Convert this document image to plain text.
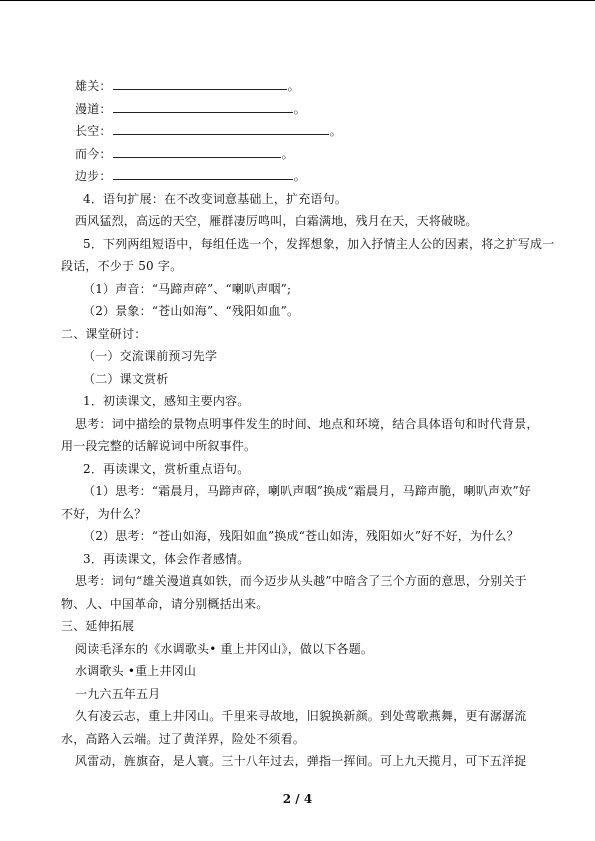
雄关：	。
漫道：	。
长空：	。
而今：	。
边步：	。
4．语句扩展：在不改变词意基础上，扩充语句。
西风猛烈，高远的天空，雁群凄厉鸣叫，白霜满地，残月在天，天将破晓。
5．下列两组短语中，每组任选一个，发挥想象，加入抒情主人公的因素，将之扩写成一
段话，不少于 50 字。
（1）声音：“马蹄声碎”、“喇叭声咽”;
（2）景象：“苍山如海”、“残阳如血”。
二、课堂研讨：
（一）交流课前预习先学
（二）课文赏析
1．初读课文，感知主要内容。
思考：词中描绘的景物点明事件发生的时间、地点和环境，结合具体语句和时代背景，
用一段完整的话解说词中所叙事件。
2．再读课文，赏析重点语句。
（1）思考：“霜晨月，马蹄声碎，喇叭声咽”换成“霜晨月，马蹄声脆，喇叭声欢”好
不好，为什么？
（2）思考：“苍山如海，残阳如血”换成“苍山如涛，残阳如火”好不好，为什么？
3．再读课文，体会作者感情。
思考：词句“雄关漫道真如铁，而今迈步从头越”中暗含了三个方面的意思，分别关于
物、人、中国革命，请分别概括出来。
三、延伸拓展
阅读毛泽东的《水调歌头• 重上井冈山》，做以下各题。
水调歌头 •重上井冈山
一九六五年五月
久有凌云志，重上井冈山。千里来寻故地，旧貌换新颜。到处莺歌燕舞，更有潺潺流
水，高路入云端。过了黄洋界，险处不须看。
风雷动，旌旗奋，是人寰。三十八年过去，弹指一挥间。可上九天揽月，可下五洋捉
2 / 4
